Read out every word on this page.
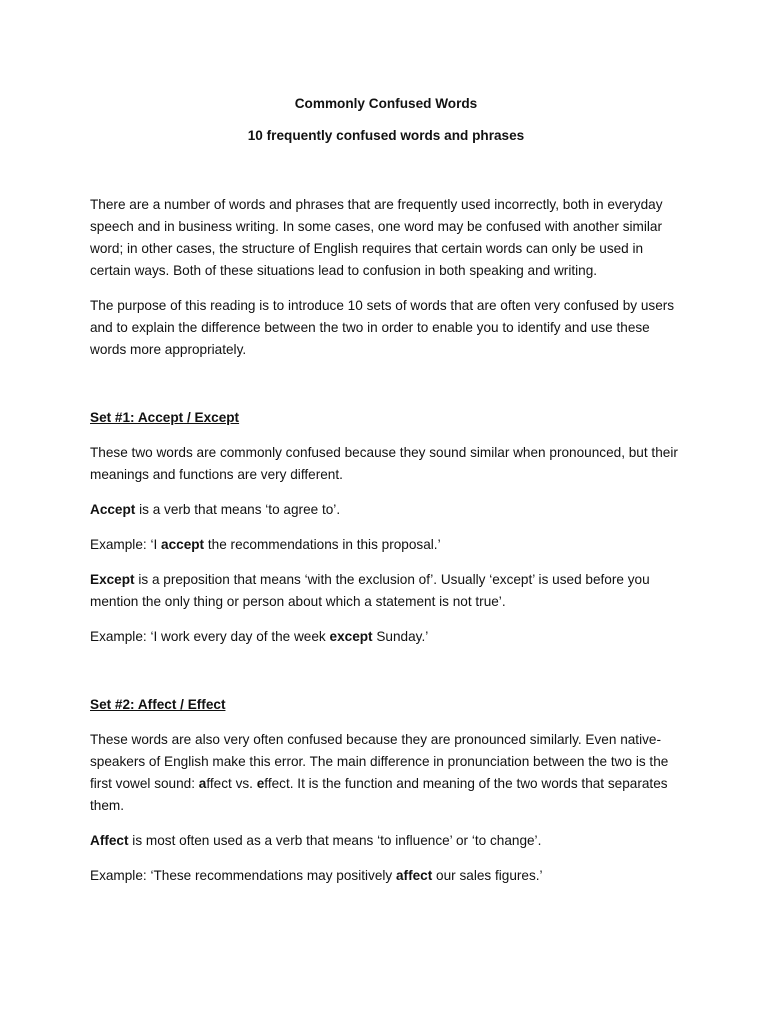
Commonly Confused Words
10 frequently confused words and phrases

There are a number of words and phrases that are frequently used incorrectly, both in everyday speech and in business writing. In some cases, one word may be confused with another similar word; in other cases, the structure of English requires that certain words can only be used in certain ways. Both of these situations lead to confusion in both speaking and writing.

The purpose of this reading is to introduce 10 sets of words that are often very confused by users and to explain the difference between the two in order to enable you to identify and use these words more appropriately.

Set #1: Accept / Except

These two words are commonly confused because they sound similar when pronounced, but their meanings and functions are very different.

Accept is a verb that means ‘to agree to’.

Example: ‘I accept the recommendations in this proposal.’

Except is a preposition that means ‘with the exclusion of’. Usually ‘except’ is used before you mention the only thing or person about which a statement is not true’.

Example: ‘I work every day of the week except Sunday.’

Set #2: Affect / Effect

These words are also very often confused because they are pronounced similarly. Even native-speakers of English make this error. The main difference in pronunciation between the two is the first vowel sound: affect vs. effect. It is the function and meaning of the two words that separates them.

Affect is most often used as a verb that means ‘to influence’ or ‘to change’.

Example: ‘These recommendations may positively affect our sales figures.’
